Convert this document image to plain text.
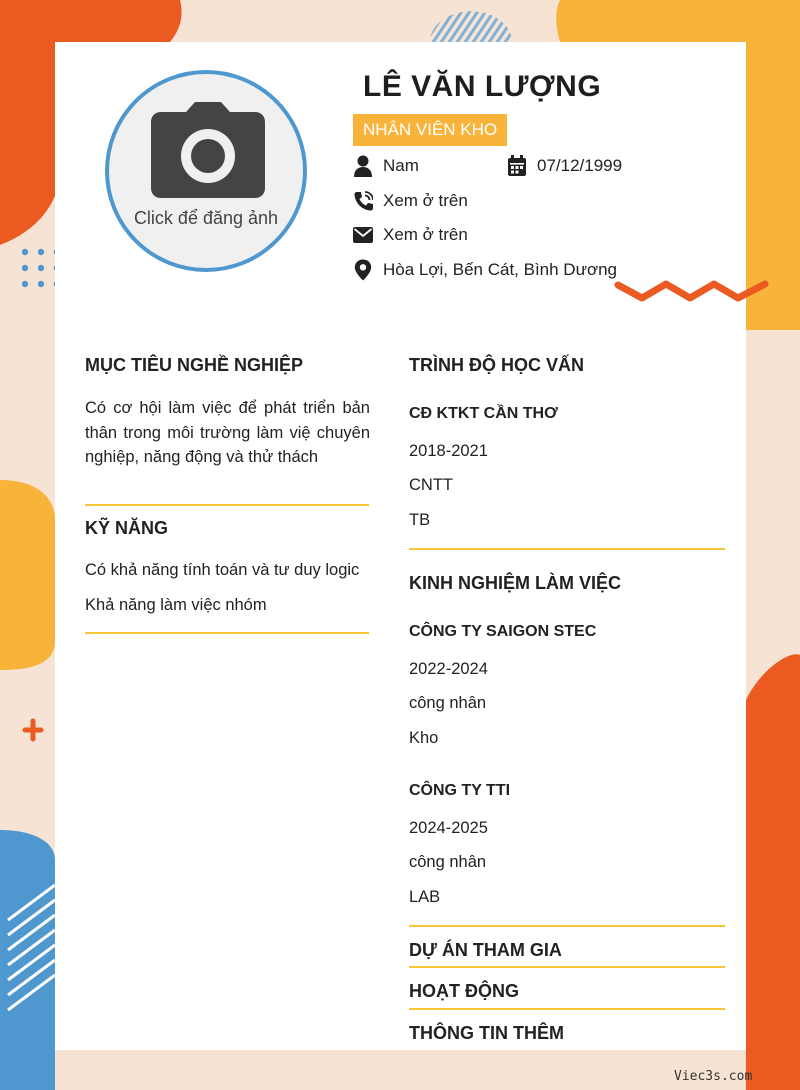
Click để đăng ảnh
LÊ VĂN LƯỢNG
NHÂN VIÊN KHO
Nam	07/12/1999
Xem ở trên
Xem ở trên
Hòa Lợi, Bến Cát, Bình Dương
MỤC TIÊU NGHỀ NGHIỆP
Có cơ hội làm việc để phát triển bản thân trong môi trường làm việ chuyên nghiệp, năng động và thử thách
KỸ NĂNG
Có khả năng tính toán và tư duy logic
Khả năng làm việc nhóm
TRÌNH ĐỘ HỌC VẤN
CĐ KTKT CẦN THƠ
2018-2021
CNTT
TB
KINH NGHIỆM LÀM VIỆC
CÔNG TY SAIGON STEC
2022-2024
công nhân
Kho
CÔNG TY TTI
2024-2025
công nhân
LAB
DỰ ÁN THAM GIA
HOẠT ĐỘNG
THÔNG TIN THÊM
Viec3s.com
